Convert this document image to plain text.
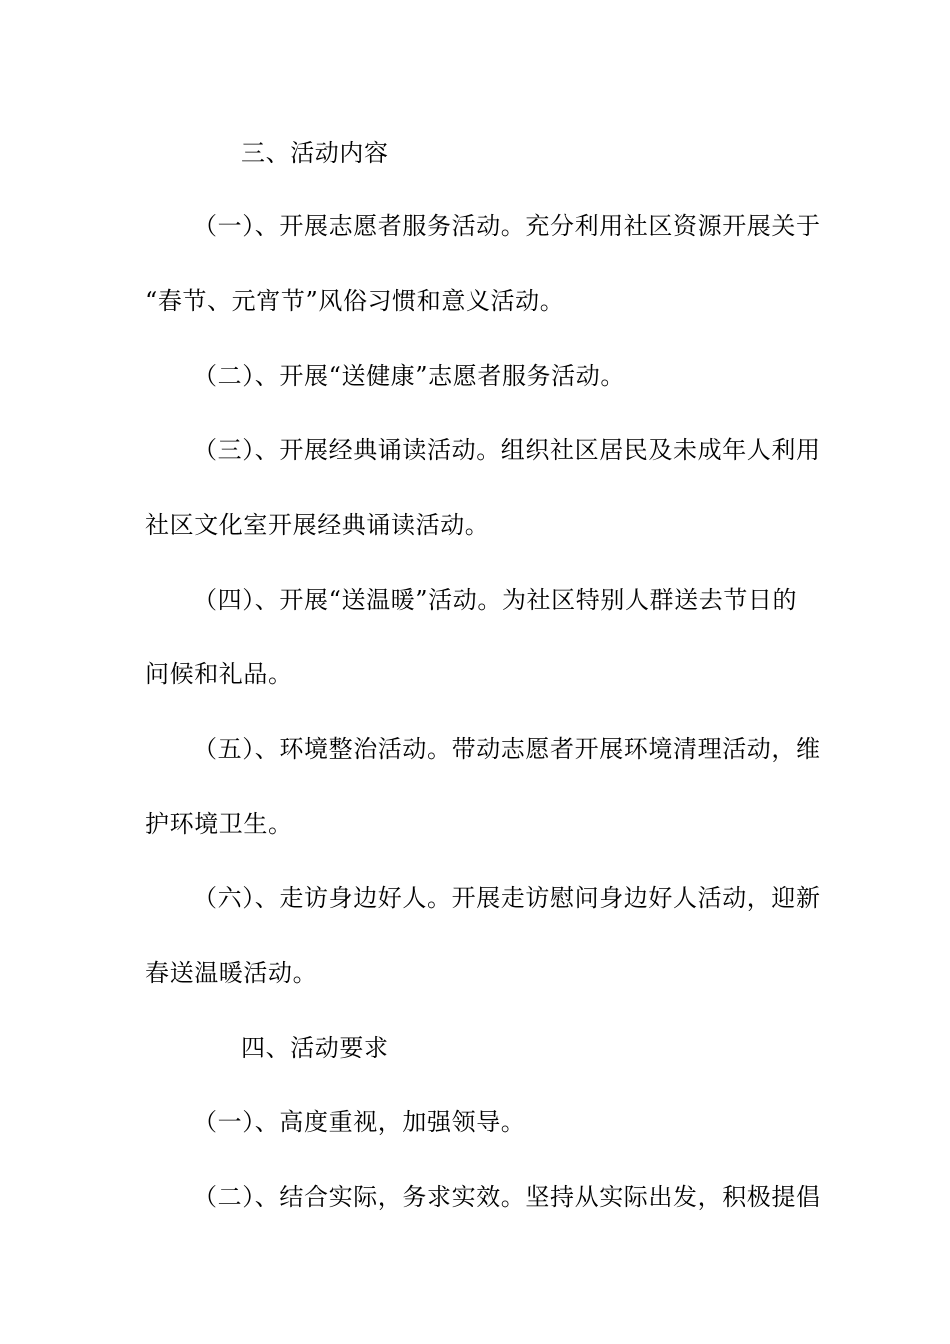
三、活动内容
（一）、开展志愿者服务活动。充分利用社区资源开展关于
“春节、元宵节”风俗习惯和意义活动。
（二）、开展“送健康”志愿者服务活动。
（三）、开展经典诵读活动。组织社区居民及未成年人利用
社区文化室开展经典诵读活动。
（四）、开展“送温暖”活动。为社区特别人群送去节日的
问候和礼品。
（五）、环境整治活动。带动志愿者开展环境清理活动，维
护环境卫生。
（六）、走访身边好人。开展走访慰问身边好人活动，迎新
春送温暖活动。
四、活动要求
（一）、高度重视，加强领导。
（二）、结合实际，务求实效。坚持从实际出发，积极提倡
